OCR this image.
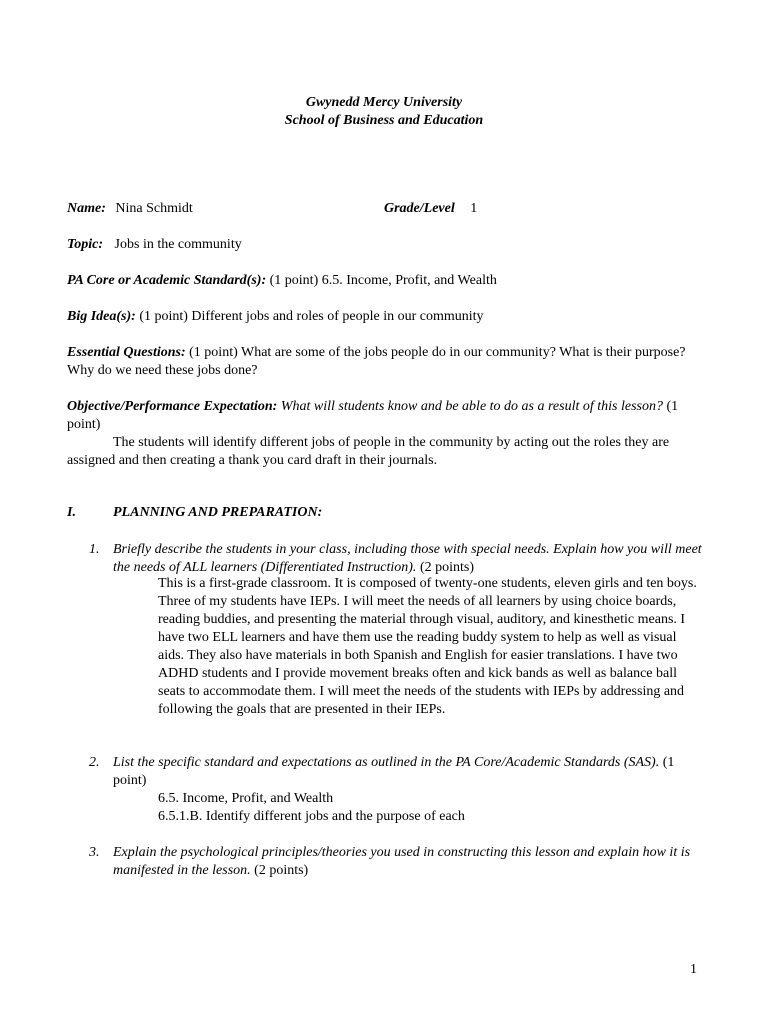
Gwynedd Mercy University
School of Business and Education
Name: Nina Schmidt	Grade/Level 1
Topic: Jobs in the community
PA Core or Academic Standard(s): (1 point) 6.5. Income, Profit, and Wealth
Big Idea(s): (1 point) Different jobs and roles of people in our community
Essential Questions: (1 point) What are some of the jobs people do in our community? What is their purpose? Why do we need these jobs done?
Objective/Performance Expectation: What will students know and be able to do as a result of this lesson? (1 point)
The students will identify different jobs of people in the community by acting out the roles they are assigned and then creating a thank you card draft in their journals.
I.	PLANNING AND PREPARATION:
1. Briefly describe the students in your class, including those with special needs. Explain how you will meet the needs of ALL learners (Differentiated Instruction). (2 points)
This is a first-grade classroom. It is composed of twenty-one students, eleven girls and ten boys. Three of my students have IEPs. I will meet the needs of all learners by using choice boards, reading buddies, and presenting the material through visual, auditory, and kinesthetic means. I have two ELL learners and have them use the reading buddy system to help as well as visual aids. They also have materials in both Spanish and English for easier translations. I have two ADHD students and I provide movement breaks often and kick bands as well as balance ball seats to accommodate them. I will meet the needs of the students with IEPs by addressing and following the goals that are presented in their IEPs.
2. List the specific standard and expectations as outlined in the PA Core/Academic Standards (SAS). (1 point)
6.5. Income, Profit, and Wealth
6.5.1.B. Identify different jobs and the purpose of each
3. Explain the psychological principles/theories you used in constructing this lesson and explain how it is manifested in the lesson. (2 points)
1
